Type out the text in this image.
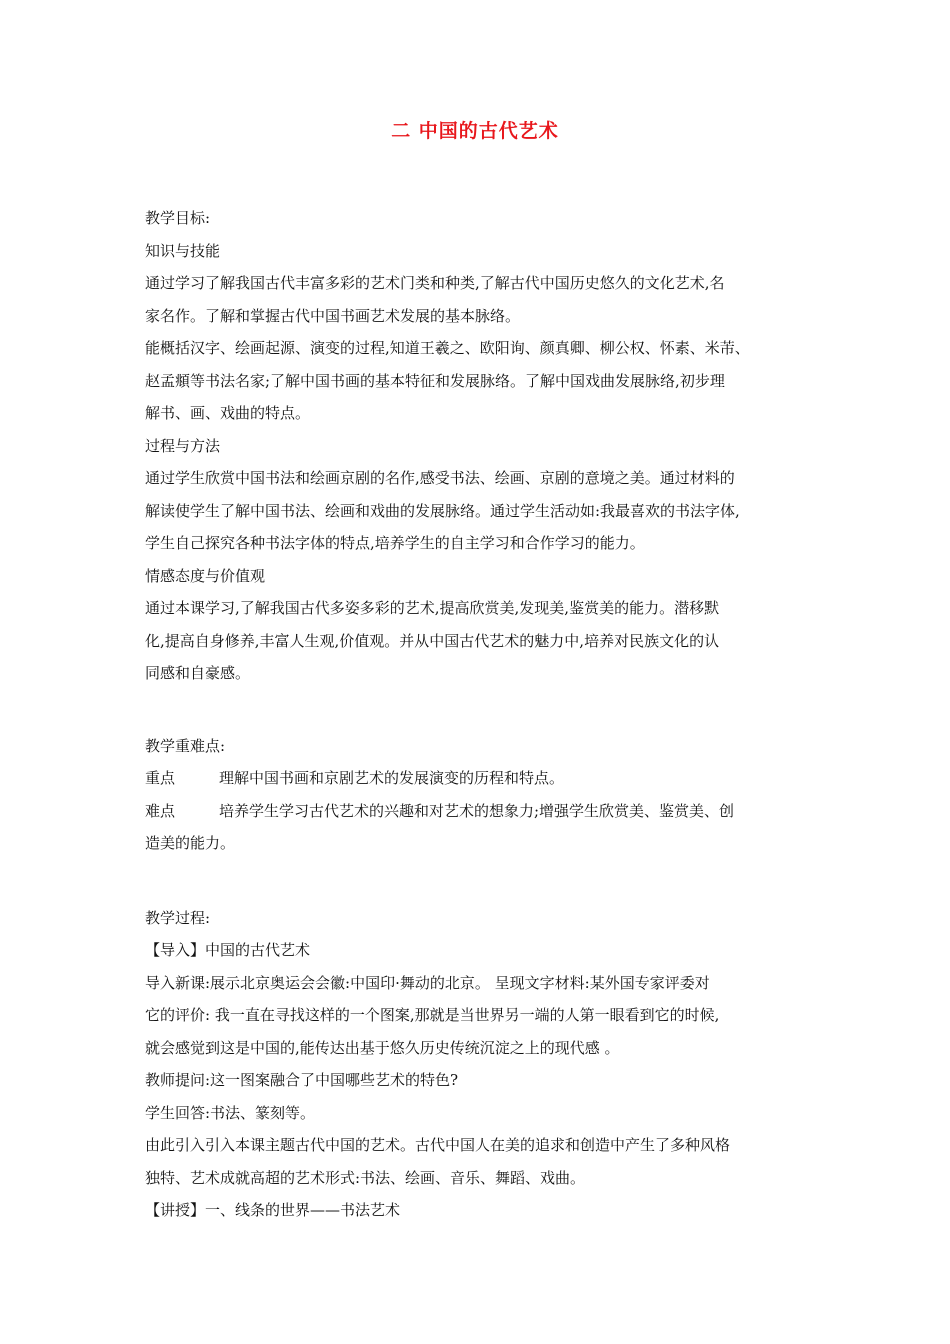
二 中国的古代艺术
教学目标:
知识与技能
通过学习了解我国古代丰富多彩的艺术门类和种类,了解古代中国历史悠久的文化艺术,名
家名作。了解和掌握古代中国书画艺术发展的基本脉络。
能概括汉字、绘画起源、演变的过程,知道王羲之、欧阳询、颜真卿、柳公权、怀素、米芾、
赵孟頫等书法名家;了解中国书画的基本特征和发展脉络。了解中国戏曲发展脉络,初步理
解书、画、戏曲的特点。
过程与方法
通过学生欣赏中国书法和绘画京剧的名作,感受书法、绘画、京剧的意境之美。通过材料的
解读使学生了解中国书法、绘画和戏曲的发展脉络。通过学生活动如:我最喜欢的书法字体,
学生自己探究各种书法字体的特点,培养学生的自主学习和合作学习的能力。
情感态度与价值观
通过本课学习,了解我国古代多姿多彩的艺术,提高欣赏美,发现美,鉴赏美的能力。潜移默
化,提高自身修养,丰富人生观,价值观。并从中国古代艺术的魅力中,培养对民族文化的认
同感和自豪感。
教学重难点:
重点	理解中国书画和京剧艺术的发展演变的历程和特点。
难点	培养学生学习古代艺术的兴趣和对艺术的想象力;增强学生欣赏美、鉴赏美、创
造美的能力。
教学过程:
【导入】中国的古代艺术
导入新课:展示北京奥运会会徽:中国印·舞动的北京。 呈现文字材料:某外国专家评委对
它的评价: 我一直在寻找这样的一个图案,那就是当世界另一端的人第一眼看到它的时候,
就会感觉到这是中国的,能传达出基于悠久历史传统沉淀之上的现代感 。
教师提问:这一图案融合了中国哪些艺术的特色?
学生回答:书法、篆刻等。
由此引入引入本课主题古代中国的艺术。古代中国人在美的追求和创造中产生了多种风格
独特、艺术成就高超的艺术形式:书法、绘画、音乐、舞蹈、戏曲。
【讲授】一、线条的世界——书法艺术
